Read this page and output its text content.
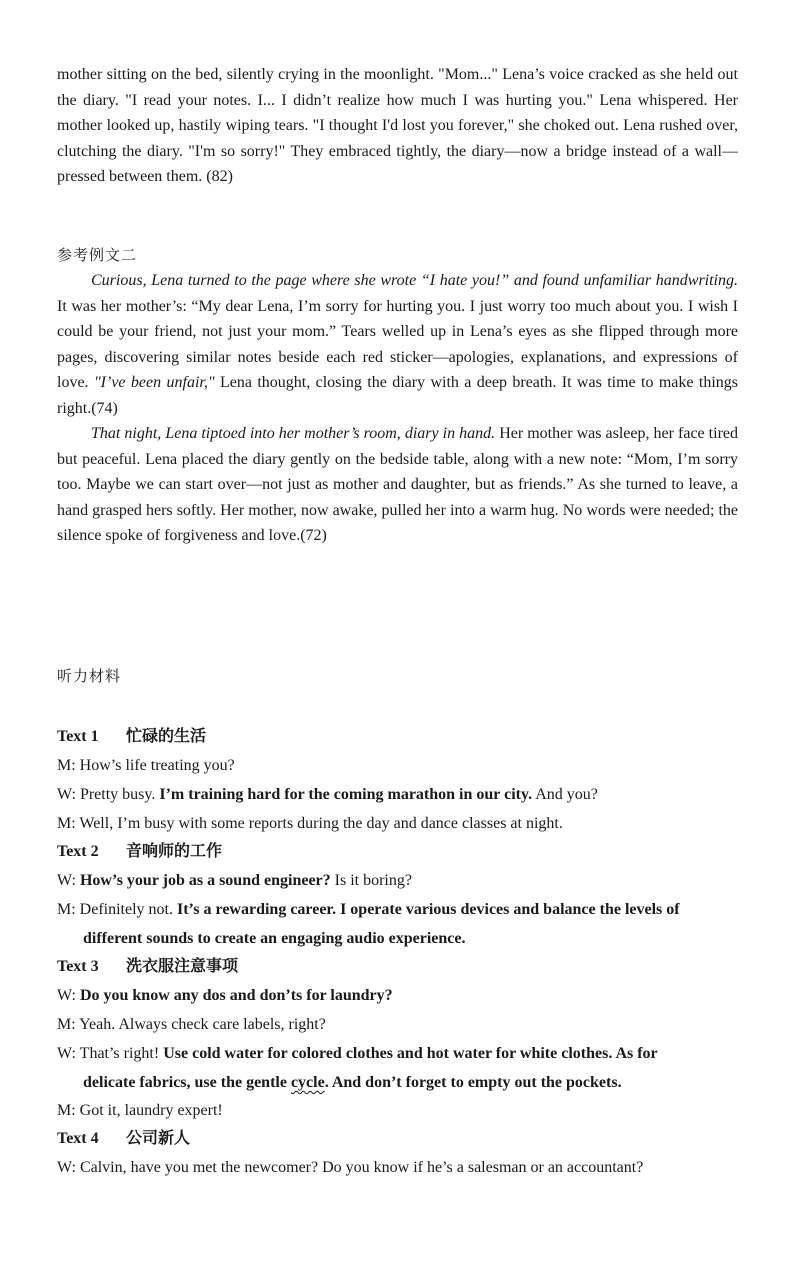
mother sitting on the bed, silently crying in the moonlight. "Mom..." Lena’s voice cracked as she held out the diary. "I read your notes. I... I didn’t realize how much I was hurting you." Lena whispered. Her mother looked up, hastily wiping tears. "I thought I'd lost you forever," she choked out. Lena rushed over, clutching the diary. "I'm so sorry!" They embraced tightly, the diary—now a bridge instead of a wall—pressed between them. (82)

参考例文二

Curious, Lena turned to the page where she wrote “I hate you!” and found unfamiliar handwriting. It was her mother’s: “My dear Lena, I’m sorry for hurting you. I just worry too much about you. I wish I could be your friend, not just your mom.” Tears welled up in Lena’s eyes as she flipped through more pages, discovering similar notes beside each red sticker—apologies, explanations, and expressions of love. "I’ve been unfair," Lena thought, closing the diary with a deep breath. It was time to make things right.(74)

That night, Lena tiptoed into her mother’s room, diary in hand. Her mother was asleep, her face tired but peaceful. Lena placed the diary gently on the bedside table, along with a new note: “Mom, I’m sorry too. Maybe we can start over—not just as mother and daughter, but as friends.” As she turned to leave, a hand grasped hers softly. Her mother, now awake, pulled her into a warm hug. No words were needed; the silence spoke of forgiveness and love.(72)

听力材料

Text 1 忙碌的生活

M: How’s life treating you?

W: Pretty busy. I’m training hard for the coming marathon in our city. And you?

M: Well, I’m busy with some reports during the day and dance classes at night.

Text 2 音响师的工作

W: How’s your job as a sound engineer? Is it boring?

M: Definitely not. It’s a rewarding career. I operate various devices and balance the levels of

different sounds to create an engaging audio experience.

Text 3 洗衣服注意事项

W: Do you know any dos and don’ts for laundry?

M: Yeah. Always check care labels, right?

W: That’s right! Use cold water for colored clothes and hot water for white clothes. As for

delicate fabrics, use the gentle cycle. And don’t forget to empty out the pockets.

M: Got it, laundry expert!

Text 4 公司新人

W: Calvin, have you met the newcomer? Do you know if he’s a salesman or an accountant?
